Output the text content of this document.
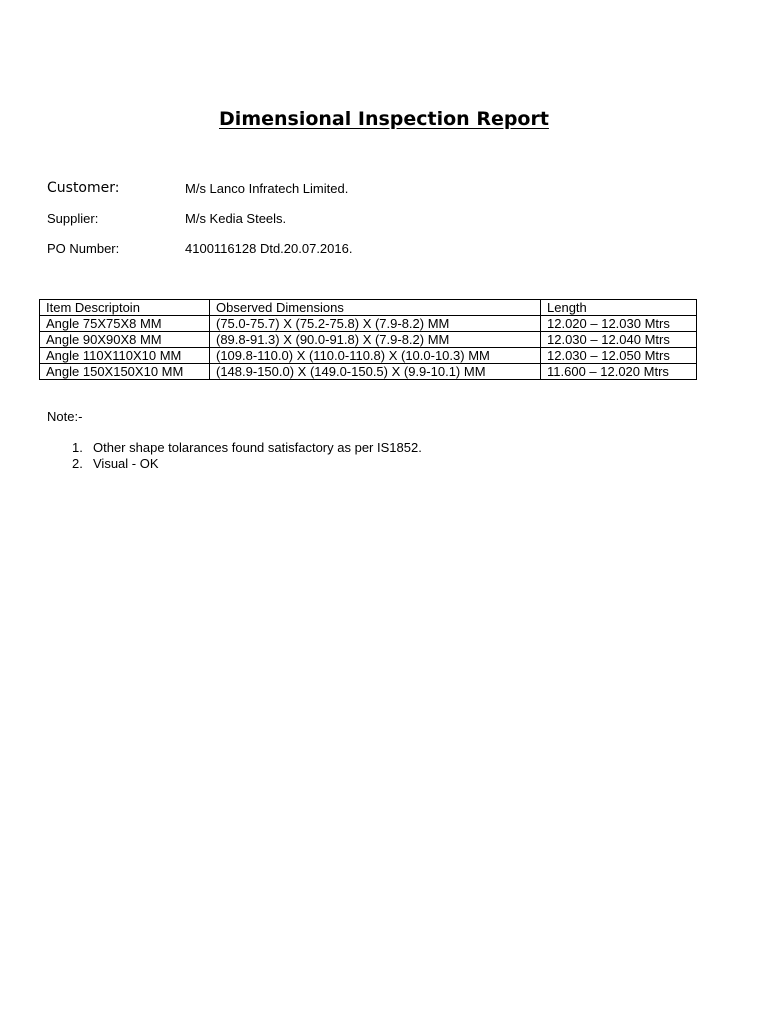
Dimensional Inspection Report
Customer:	M/s Lanco Infratech Limited.
Supplier:	M/s Kedia Steels.
PO Number:	4100116128 Dtd.20.07.2016.
Item Descriptoin	Observed Dimensions	Length
Angle 75X75X8 MM	(75.0-75.7) X (75.2-75.8) X (7.9-8.2) MM	12.020 – 12.030 Mtrs
Angle 90X90X8 MM	(89.8-91.3) X (90.0-91.8) X (7.9-8.2) MM	12.030 – 12.040 Mtrs
Angle 110X110X10 MM	(109.8-110.0) X (110.0-110.8) X (10.0-10.3) MM	12.030 – 12.050 Mtrs
Angle 150X150X10 MM	(148.9-150.0) X (149.0-150.5) X (9.9-10.1) MM	11.600 – 12.020 Mtrs
Note:-
1. Other shape tolarances found satisfactory as per IS1852.
2. Visual - OK
